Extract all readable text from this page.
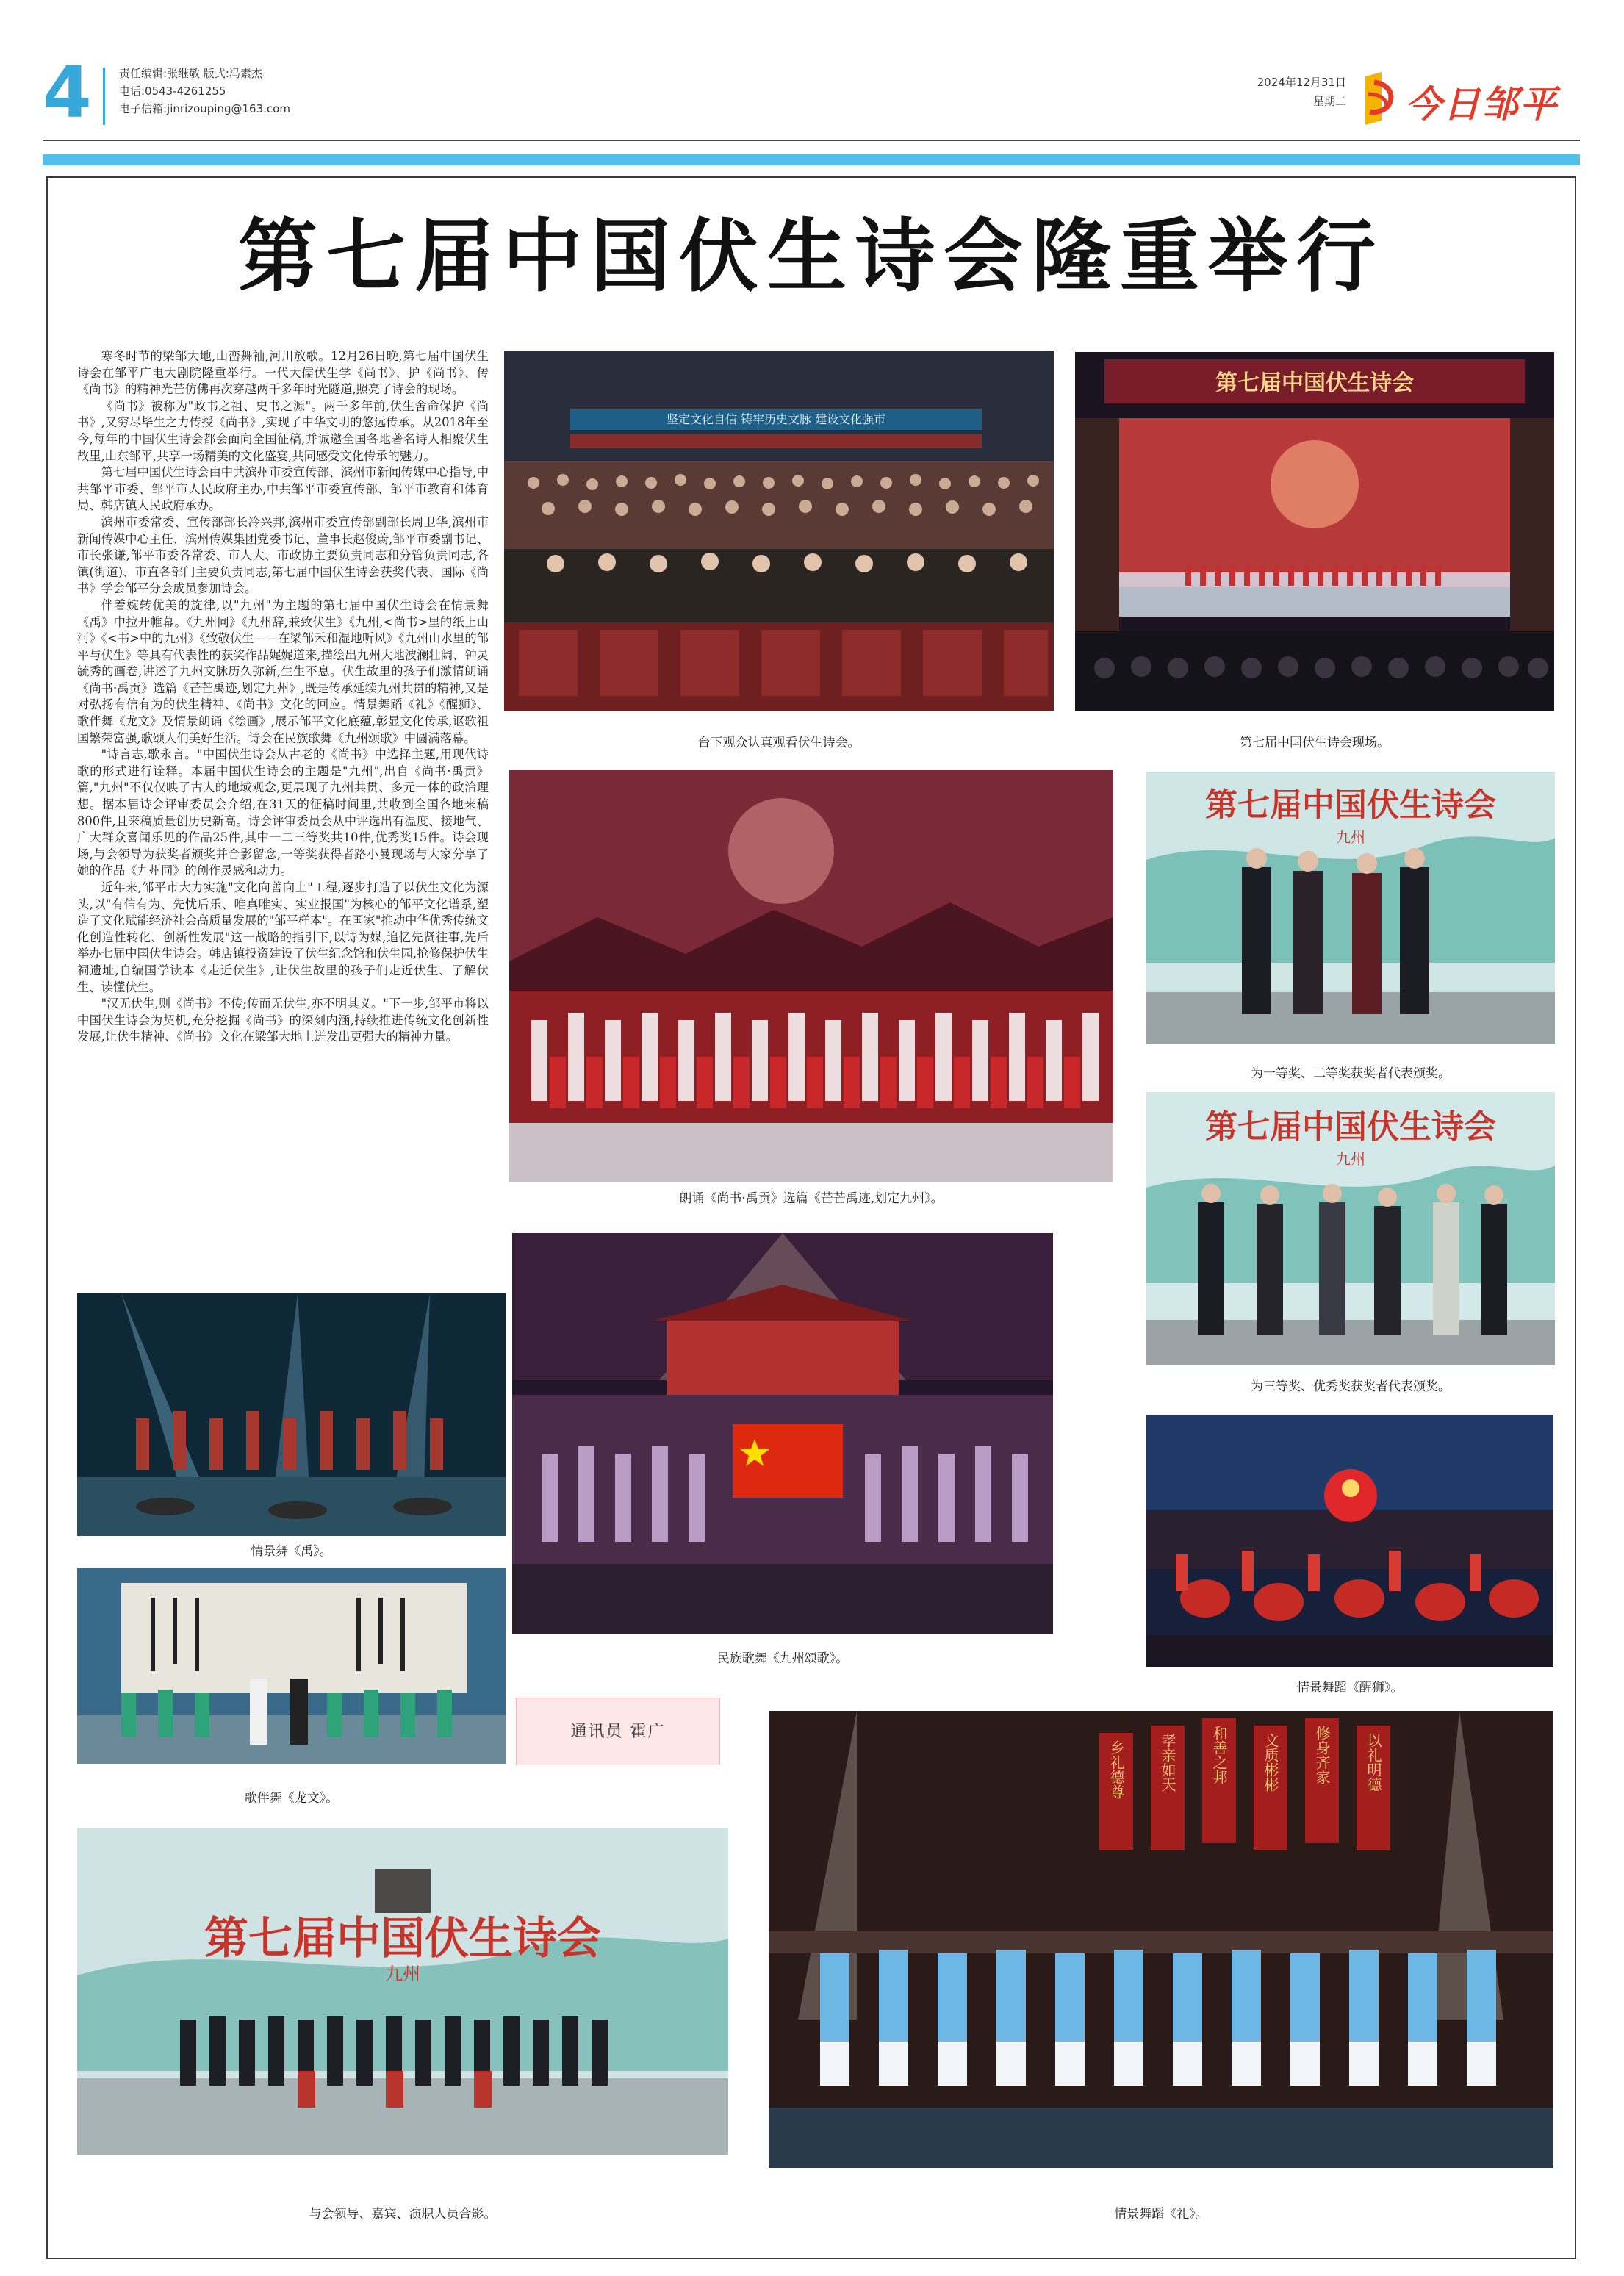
4 责任编辑:张继敬 版式:冯素杰
电话:0543-4261255
电子信箱:jinrizouping@163.com
2024年12月31日
星期二 今日邹平
第七届中国伏生诗会隆重举行

寒冬时节的梁邹大地,山峦舞袖,河川放歌。12月26日晚,第七届中国伏生诗会在邹平广电大剧院隆重举行。一代大儒伏生学《尚书》、护《尚书》、传《尚书》的精神光芒仿佛再次穿越两千多年时光隧道,照亮了诗会的现场。

《尚书》被称为"政书之祖、史书之源"。两千多年前,伏生舍命保护《尚书》,又穷尽毕生之力传授《尚书》,实现了中华文明的悠远传承。从2018年至今,每年的中国伏生诗会都会面向全国征稿,并诚邀全国各地著名诗人相聚伏生故里,山东邹平,共享一场精美的文化盛宴,共同感受文化传承的魅力。

第七届中国伏生诗会由中共滨州市委宣传部、滨州市新闻传媒中心指导,中共邹平市委、邹平市人民政府主办,中共邹平市委宣传部、邹平市教育和体育局、韩店镇人民政府承办。

滨州市委常委、宣传部部长冷兴邦,滨州市委宣传部副部长周卫华,滨州市新闻传媒中心主任、滨州传媒集团党委书记、董事长赵俊蔚,邹平市委副书记、市长张谦,邹平市委各常委、市人大、市政协主要负责同志和分管负责同志,各镇(街道)、市直各部门主要负责同志,第七届中国伏生诗会获奖代表、国际《尚书》学会邹平分会成员参加诗会。

伴着婉转优美的旋律,以"九州"为主题的第七届中国伏生诗会在情景舞《禹》中拉开帷幕。《九州同》《九州辞,兼致伏生》《九州,<尚书>里的纸上山河》《<书>中的九州》《致敬伏生——在梁邹禾和湿地听风》《九州山水里的邹平与伏生》等具有代表性的获奖作品娓娓道来,描绘出九州大地波澜壮阔、钟灵毓秀的画卷,讲述了九州文脉历久弥新,生生不息。伏生故里的孩子们激情朗诵《尚书·禹贡》选篇《芒芒禹迹,划定九州》,既是传承延续九州共贯的精神,又是对弘扬有信有为的伏生精神、《尚书》文化的回应。情景舞蹈《礼》《醒狮》、歌伴舞《龙文》及情景朗诵《绘画》,展示邹平文化底蕴,彰显文化传承,讴歌祖国繁荣富强,歌颂人们美好生活。诗会在民族歌舞《九州颂歌》中圆满落幕。

"诗言志,歌永言。"中国伏生诗会从古老的《尚书》中选择主题,用现代诗歌的形式进行诠释。本届中国伏生诗会的主题是"九州",出自《尚书·禹贡》篇,"九州"不仅仅映了古人的地域观念,更展现了九州共贯、多元一体的政治理想。据本届诗会评审委员会介绍,在31天的征稿时间里,共收到全国各地来稿800件,且来稿质量创历史新高。诗会评审委员会从中评选出有温度、接地气、广大群众喜闻乐见的作品25件,其中一二三等奖共10件,优秀奖15件。诗会现场,与会领导为获奖者颁奖并合影留念,一等奖获得者路小曼现场与大家分享了她的作品《九州同》的创作灵感和动力。

近年来,邹平市大力实施"文化向善向上"工程,逐步打造了以伏生文化为源头,以"有信有为、先忧后乐、唯真唯实、实业报国"为核心的邹平文化谱系,塑造了文化赋能经济社会高质量发展的"邹平样本"。在国家"推动中华优秀传统文化创造性转化、创新性发展"这一战略的指引下,以诗为媒,追忆先贤往事,先后举办七届中国伏生诗会。韩店镇投资建设了伏生纪念馆和伏生园,抢修保护伏生祠遗址,自编国学读本《走近伏生》,让伏生故里的孩子们走近伏生、了解伏生、读懂伏生。

"汉无伏生,则《尚书》不传;传而无伏生,亦不明其义。"下一步,邹平市将以中国伏生诗会为契机,充分挖掘《尚书》的深刻内涵,持续推进传统文化创新性发展,让伏生精神、《尚书》文化在梁邹大地上迸发出更强大的精神力量。

坚定文化自信 铸牢历史文脉 建设文化强市
台下观众认真观看伏生诗会。
第七届中国伏生诗会
第七届中国伏生诗会现场。
朗诵《尚书·禹贡》选篇《芒芒禹迹,划定九州》。
第七届中国伏生诗会
九州
为一等奖、二等奖获奖者代表颁奖。
第七届中国伏生诗会
九州
为三等奖、优秀奖获奖者代表颁奖。
情景舞《禹》。
民族歌舞《九州颂歌》。
情景舞蹈《醒狮》。
歌伴舞《龙文》。
通讯员 霍广
第七届中国伏生诗会
九州
与会领导、嘉宾、演职人员合影。
孝亲如天 和善之邦 文质彬彬 修身齐家 以礼明德
乡礼德尊
情景舞蹈《礼》。
